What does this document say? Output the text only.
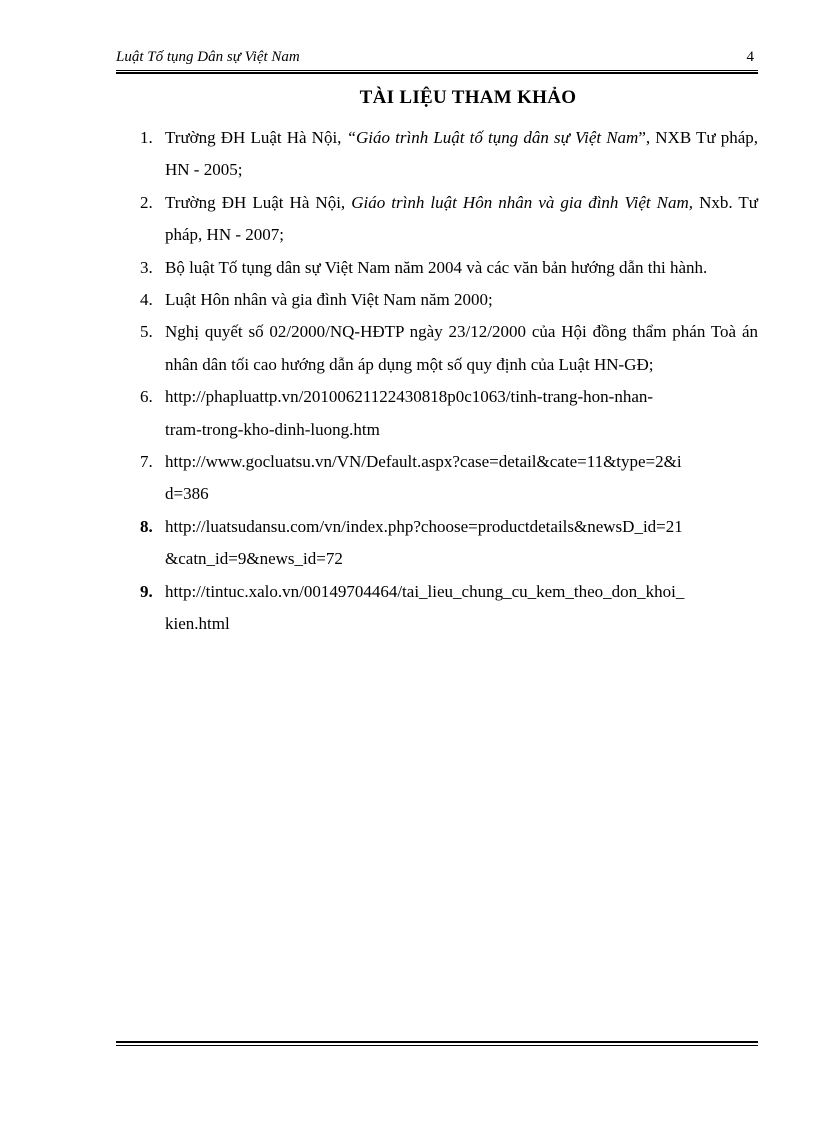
Luật Tố tụng Dân sự Việt Nam	4
TÀI LIỆU THAM KHẢO
1. Trường ĐH Luật Hà Nội, “Giáo trình Luật tố tụng dân sự Việt Nam”, NXB Tư pháp, HN - 2005;
2. Trường ĐH Luật Hà Nội, Giáo trình luật Hôn nhân và gia đình Việt Nam, Nxb. Tư pháp, HN - 2007;
3. Bộ luật Tố tụng dân sự Việt Nam năm 2004 và các văn bản hướng dẫn thi hành.
4. Luật Hôn nhân và gia đình Việt Nam năm 2000;
5. Nghị quyết số 02/2000/NQ-HĐTP ngày 23/12/2000 của Hội đồng thẩm phán Toà án nhân dân tối cao hướng dẫn áp dụng một số quy định của Luật HN-GĐ;
6. http://phapluattp.vn/20100621122430818p0c1063/tinh-trang-hon-nhan-
tram-trong-kho-dinh-luong.htm
7. http://www.gocluatsu.vn/VN/Default.aspx?case=detail&cate=11&type=2&i
d=386
8. http://luatsudansu.com/vn/index.php?choose=productdetails&newsD_id=21
&catn_id=9&news_id=72
9. http://tintuc.xalo.vn/00149704464/tai_lieu_chung_cu_kem_theo_don_khoi_
kien.html
